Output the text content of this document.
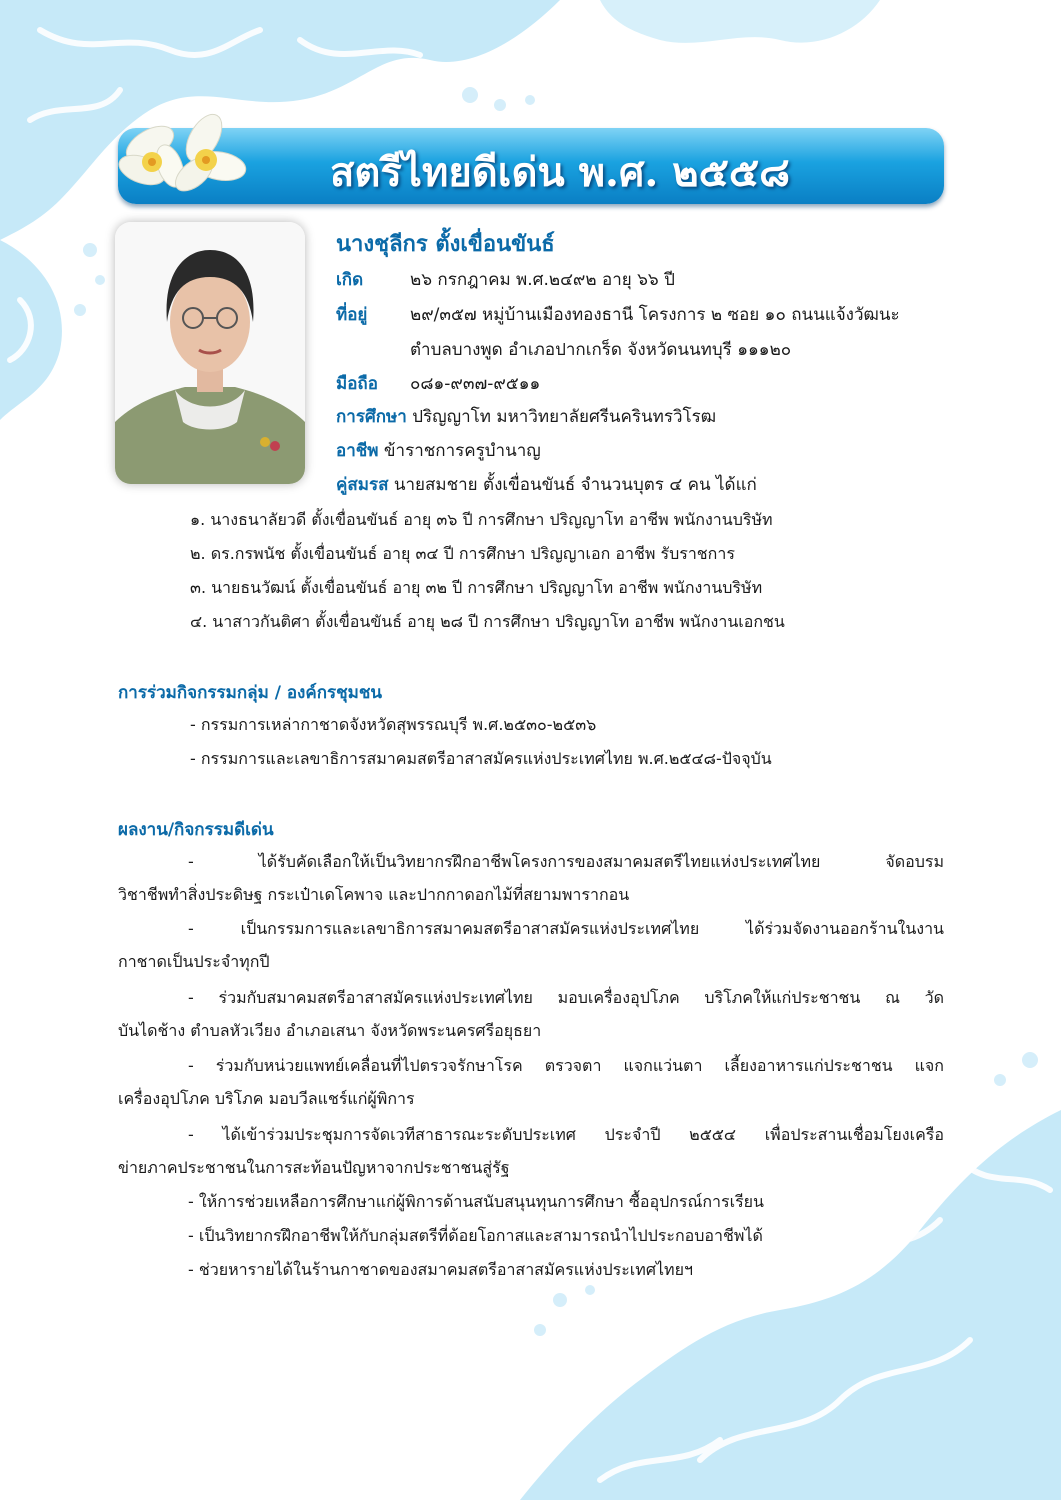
สตรีไทยดีเด่น พ.ศ. ๒๕๕๘
นางชุลีกร ตั้งเขื่อนขันธ์
เกิด	๒๖ กรกฎาคม พ.ศ.๒๔๙๒ อายุ ๖๖ ปี
ที่อยู่	๒๙/๓๕๗ หมู่บ้านเมืองทองธานี โครงการ ๒ ซอย ๑๐ ถนนแจ้งวัฒนะ
ตำบลบางพูด อำเภอปากเกร็ด จังหวัดนนทบุรี ๑๑๑๒๐
มือถือ ๐๘๑-๙๓๗-๙๕๑๑
การศึกษา ปริญญาโท มหาวิทยาลัยศรีนครินทรวิโรฒ
อาชีพ ข้าราชการครูบำนาญ
คู่สมรส นายสมชาย ตั้งเขื่อนขันธ์ จำนวนบุตร ๔ คน ได้แก่
๑. นางธนาลัยวดี ตั้งเขื่อนขันธ์ อายุ ๓๖ ปี การศึกษา ปริญญาโท อาชีพ พนักงานบริษัท
๒. ดร.กรพนัช ตั้งเขื่อนขันธ์ อายุ ๓๔ ปี การศึกษา ปริญญาเอก อาชีพ รับราชการ
๓. นายธนวัฒน์ ตั้งเขื่อนขันธ์ อายุ ๓๒ ปี การศึกษา ปริญญาโท อาชีพ พนักงานบริษัท
๔. นาสาวกันติศา ตั้งเขื่อนขันธ์ อายุ ๒๘ ปี การศึกษา ปริญญาโท อาชีพ พนักงานเอกชน
การร่วมกิจกรรมกลุ่ม / องค์กรชุมชน
- กรรมการเหล่ากาชาดจังหวัดสุพรรณบุรี พ.ศ.๒๕๓๐-๒๕๓๖
- กรรมการและเลขาธิการสมาคมสตรีอาสาสมัครแห่งประเทศไทย พ.ศ.๒๕๔๘-ปัจจุบัน
ผลงาน/กิจกรรมดีเด่น
- ได้รับคัดเลือกให้เป็นวิทยากรฝึกอาชีพโครงการของสมาคมสตรีไทยแห่งประเทศไทย จัดอบรม
วิชาชีพทำสิ่งประดิษฐ กระเป๋าเดโคพาจ และปากกาดอกไม้ที่สยามพารากอน
- เป็นกรรมการและเลขาธิการสมาคมสตรีอาสาสมัครแห่งประเทศไทย ได้ร่วมจัดงานออกร้านในงาน
กาชาดเป็นประจำทุกปี
- ร่วมกับสมาคมสตรีอาสาสมัครแห่งประเทศไทย มอบเครื่องอุปโภค บริโภคให้แก่ประชาชน ณ วัด
บันไดช้าง ตำบลหัวเวียง อำเภอเสนา จังหวัดพระนครศรีอยุธยา
- ร่วมกับหน่วยแพทย์เคลื่อนที่ไปตรวจรักษาโรค ตรวจตา แจกแว่นตา เลี้ยงอาหารแก่ประชาชน แจก
เครื่องอุปโภค บริโภค มอบวีลแชร์แก่ผู้พิการ
- ได้เข้าร่วมประชุมการจัดเวทีสาธารณะระดับประเทศ ประจำปี ๒๕๕๔ เพื่อประสานเชื่อมโยงเครือ
ข่ายภาคประชาชนในการสะท้อนปัญหาจากประชาชนสู่รัฐ
- ให้การช่วยเหลือการศึกษาแก่ผู้พิการด้านสนับสนุนทุนการศึกษา ซื้ออุปกรณ์การเรียน
- เป็นวิทยากรฝึกอาชีพให้กับกลุ่มสตรีที่ด้อยโอกาสและสามารถนำไปประกอบอาชีพได้
- ช่วยหารายได้ในร้านกาชาดของสมาคมสตรีอาสาสมัครแห่งประเทศไทยฯ
